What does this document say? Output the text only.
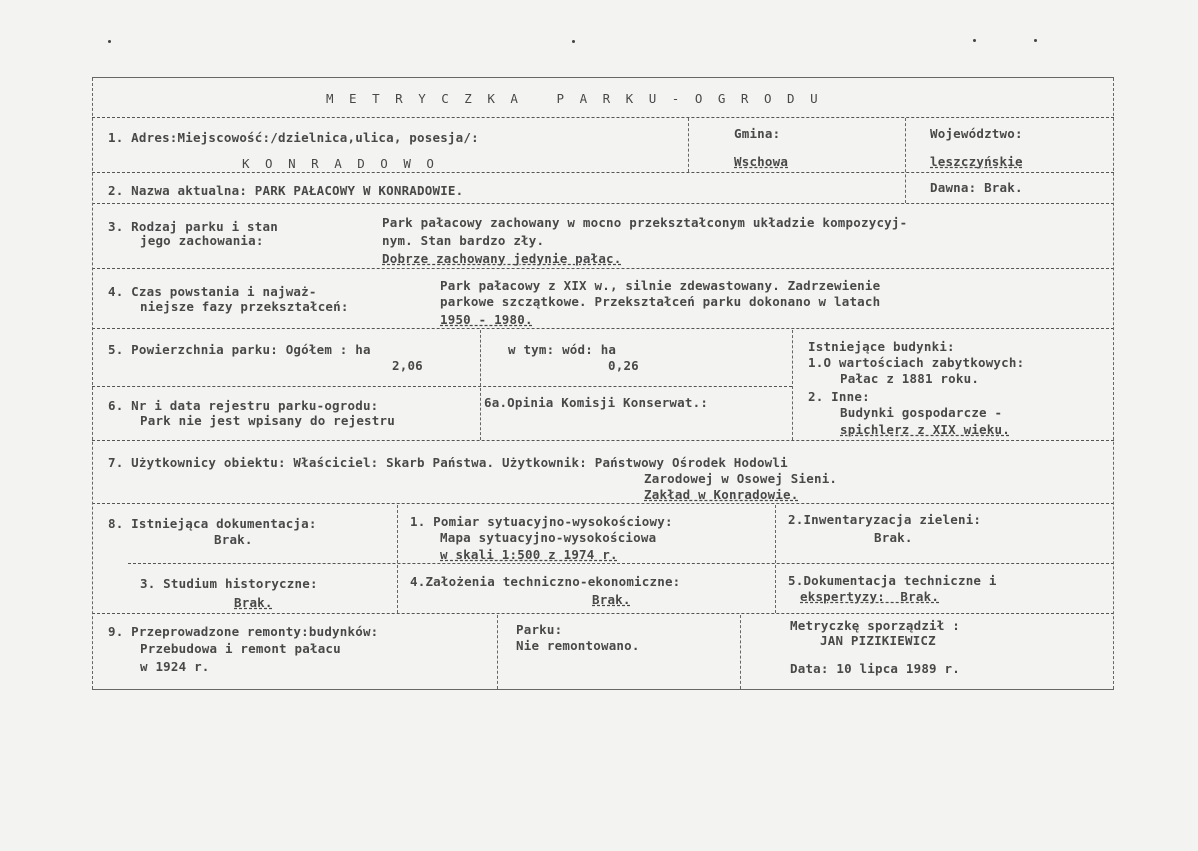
M E T R Y C Z K A   P A R K U - O G R O D U
1. Adres:Miejscowość:/dzielnica,ulica, posesja/:
K O N R A D O W O
Gmina:
Wschowa
Województwo:
leszczyńskie
2. Nazwa aktualna: PARK PAŁACOWY W KONRADOWIE.	Dawna: Brak.
3. Rodzaj parku i stan
jego zachowania:
Park pałacowy zachowany w mocno przekształconym układzie kompozycyj-
nym. Stan bardzo zły.
Dobrze zachowany jedynie pałac.
4. Czas powstania i najważ-
niejsze fazy przekształceń:
Park pałacowy z XIX w., silnie zdewastowany. Zadrzewienie
parkowe szczątkowe. Przekształceń parku dokonano w latach
1950 - 1980.
5. Powierzchnia parku: Ogółem : ha
2,06
w tym: wód: ha
0,26
Istniejące budynki:
1.O wartościach zabytkowych:
Pałac z 1881 roku.
6. Nr i data rejestru parku-ogrodu:
Park nie jest wpisany do rejestru
6a.Opinia Komisji Konserwat.:	2. Inne:
Budynki gospodarcze -
spichlerz z XIX wieku.
7. Użytkownicy obiektu: Właściciel: Skarb Państwa. Użytkownik: Państwowy Ośrodek Hodowli
Zarodowej w Osowej Sieni.
Zakład w Konradowie.
8. Istniejąca dokumentacja:
Brak.
1. Pomiar sytuacyjno-wysokościowy:
Mapa sytuacyjno-wysokościowa
w skali 1:500 z 1974 r.
2.Inwentaryzacja zieleni:
Brak.
3. Studium historyczne:
Brak.
4.Założenia techniczno-ekonomiczne:
Brak.
5.Dokumentacja techniczne i
ekspertyzy:  Brak.
9. Przeprowadzone remonty:budynków:
Przebudowa i remont pałacu
w 1924 r.
Parku:
Nie remontowano.
Metryczkę sporządził :
JAN PIZIKIEWICZ
Data: 10 lipca 1989 r.
